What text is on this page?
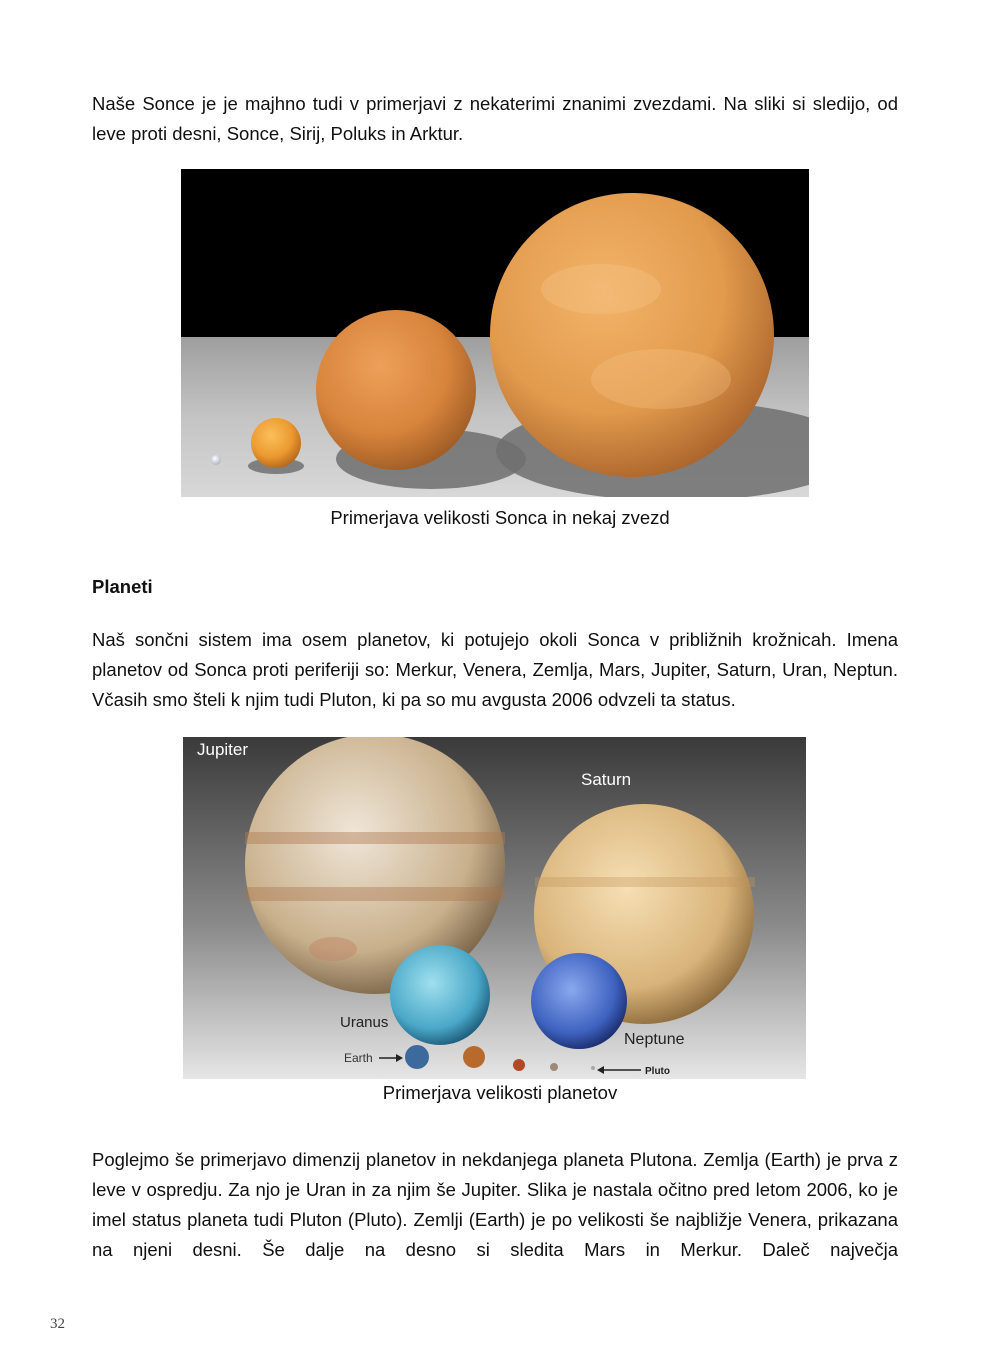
Naše Sonce je je majhno tudi v primerjavi z nekaterimi znanimi zvezdami. Na sliki si sledijo, od leve proti desni, Sonce, Sirij, Poluks in Arktur.

Primerjava velikosti Sonca in nekaj zvezd

Planeti

Naš sončni sistem ima osem planetov, ki potujejo okoli Sonca v približnih krožnicah. Imena planetov od Sonca proti periferiji so: Merkur, Venera, Zemlja, Mars, Jupiter, Saturn, Uran, Neptun. Včasih smo šteli k njim tudi Pluton, ki pa so mu avgusta 2006 odvzeli ta status.

Jupiter
Saturn
Uranus
Neptune
Earth
Pluto

Primerjava velikosti planetov

Poglejmo še primerjavo dimenzij planetov in nekdanjega planeta Plutona. Zemlja (Earth) je prva z leve v ospredju. Za njo je Uran in za njim še Jupiter. Slika je nastala očitno pred letom 2006, ko je imel status planeta tudi Pluton (Pluto). Zemlji (Earth) je po velikosti še najbližje Venera, prikazana na njeni desni. Še dalje na desno si sledita Mars in Merkur. Daleč največja

32
